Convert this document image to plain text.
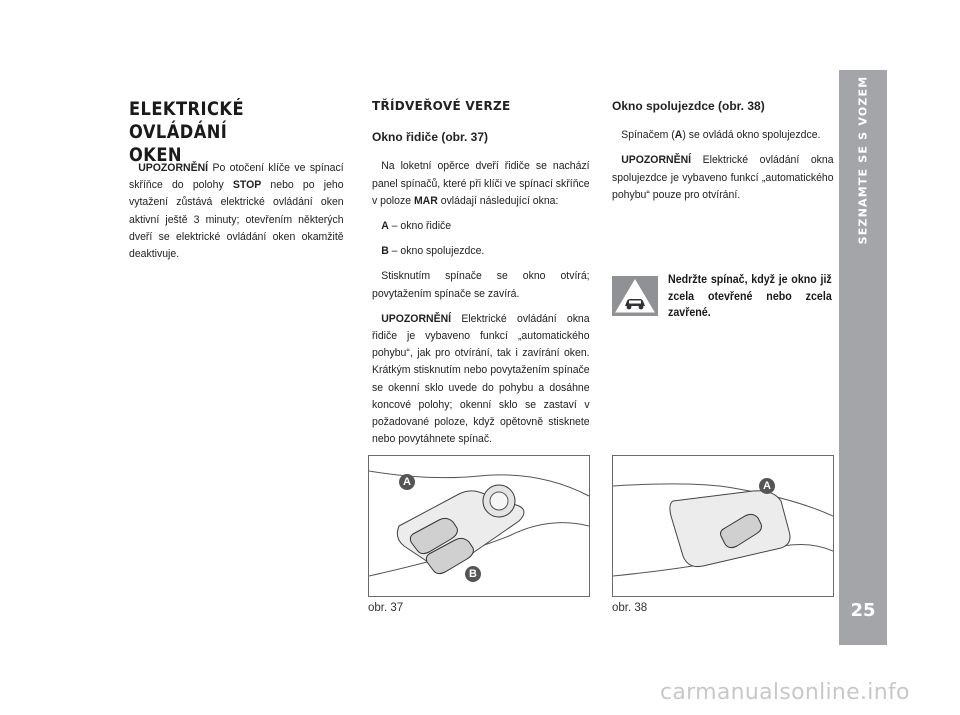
ELEKTRICKÉ OVLÁDÁNÍ
OKEN

UPOZORNĚNÍ Po otočení klíče ve spínací skříňce do polohy STOP nebo po jeho vytažení zůstává elektrické ovládání oken aktivní ještě 3 minuty; otevřením některých dveří se elektrické ovládání oken okamžitě deaktivuje.

TŘÍDVEŘOVÉ VERZE
Okno řidiče (obr. 37)

Na loketní opěrce dveří řidiče se nachází panel spínačů, které při klíči ve spínací skříňce v poloze MAR ovládají následující okna:

A – okno řidiče

B – okno spolujezdce.

Stisknutím spínače se okno otvírá; povytažením spínače se zavírá.

UPOZORNĚNÍ Elektrické ovládání okna řidiče je vybaveno funkcí „automatického pohybu“, jak pro otvírání, tak i zavírání oken. Krátkým stisknutím nebo povytažením spínače se okenní sklo uvede do pohybu a dosáhne koncové polohy; okenní sklo se zastaví v požadované poloze, když opětovně stisknete nebo povytáhnete spínač.

Okno spolujezdce (obr. 38)

Spínačem (A) se ovládá okno spolujezdce.

UPOZORNĚNÍ Elektrické ovládání okna spolujezdce je vybaveno funkcí „automatického pohybu“ pouze pro otvírání.

Nedržte spínač, když je okno již zcela otevřené nebo zcela zavřené.
A
B
obr. 37
A
obr. 38
SEZNAMTE SE S VOZEM
25
carmanualsonline.info
